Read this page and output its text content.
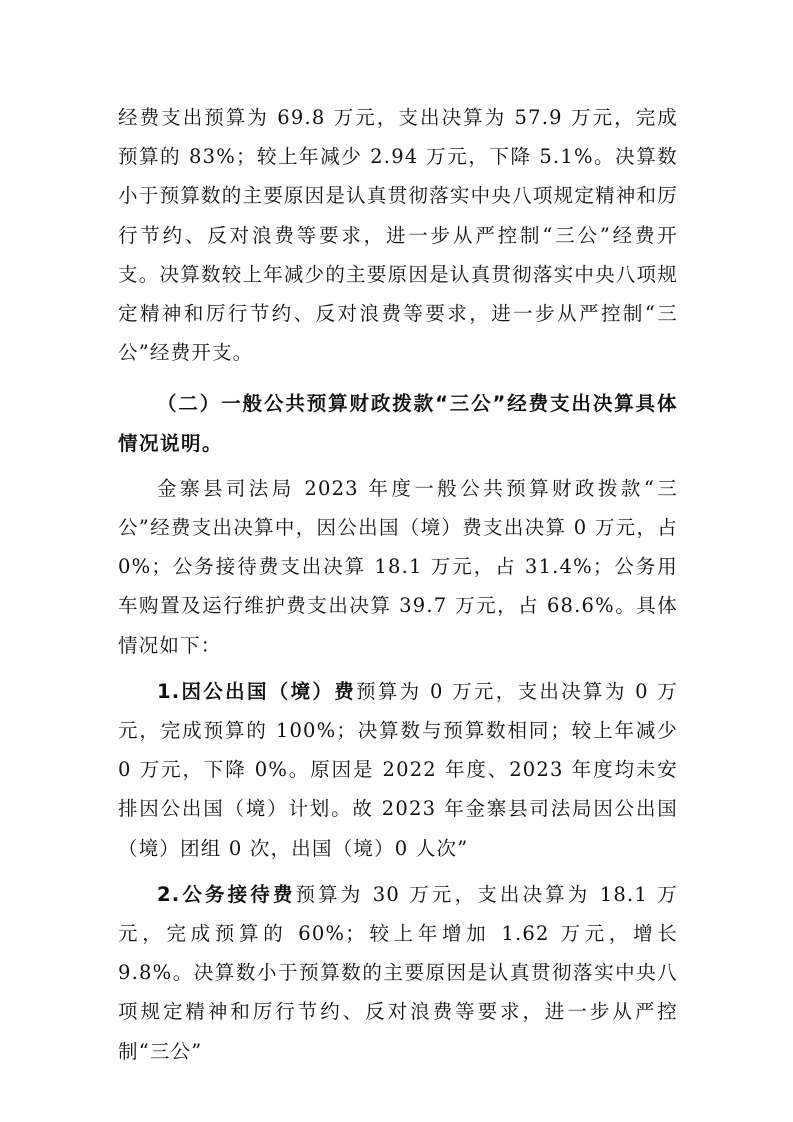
经费支出预算为 69.8 万元，支出决算为 57.9 万元，完成预算的 83%；较上年减少 2.94 万元，下降 5.1%。决算数小于预算数的主要原因是认真贯彻落实中央八项规定精神和厉行节约、反对浪费等要求，进一步从严控制“三公”经费开支。决算数较上年减少的主要原因是认真贯彻落实中央八项规定精神和厉行节约、反对浪费等要求，进一步从严控制“三公”经费开支。

（二）一般公共预算财政拨款“三公”经费支出决算具体情况说明。

金寨县司法局 2023 年度一般公共预算财政拨款“三公”经费支出决算中，因公出国（境）费支出决算 0 万元，占 0%；公务接待费支出决算 18.1 万元，占 31.4%；公务用车购置及运行维护费支出决算 39.7 万元，占 68.6%。具体情况如下：

1.因公出国（境）费预算为 0 万元，支出决算为 0 万元，完成预算的 100%；决算数与预算数相同；较上年减少 0 万元，下降 0%。原因是 2022 年度、2023 年度均未安排因公出国（境）计划。故 2023 年金寨县司法局因公出国（境）团组 0 次，出国（境）0 人次”

2.公务接待费预算为 30 万元，支出决算为 18.1 万元，完成预算的 60%；较上年增加 1.62 万元，增长 9.8%。决算数小于预算数的主要原因是认真贯彻落实中央八项规定精神和厉行节约、反对浪费等要求，进一步从严控制“三公”
